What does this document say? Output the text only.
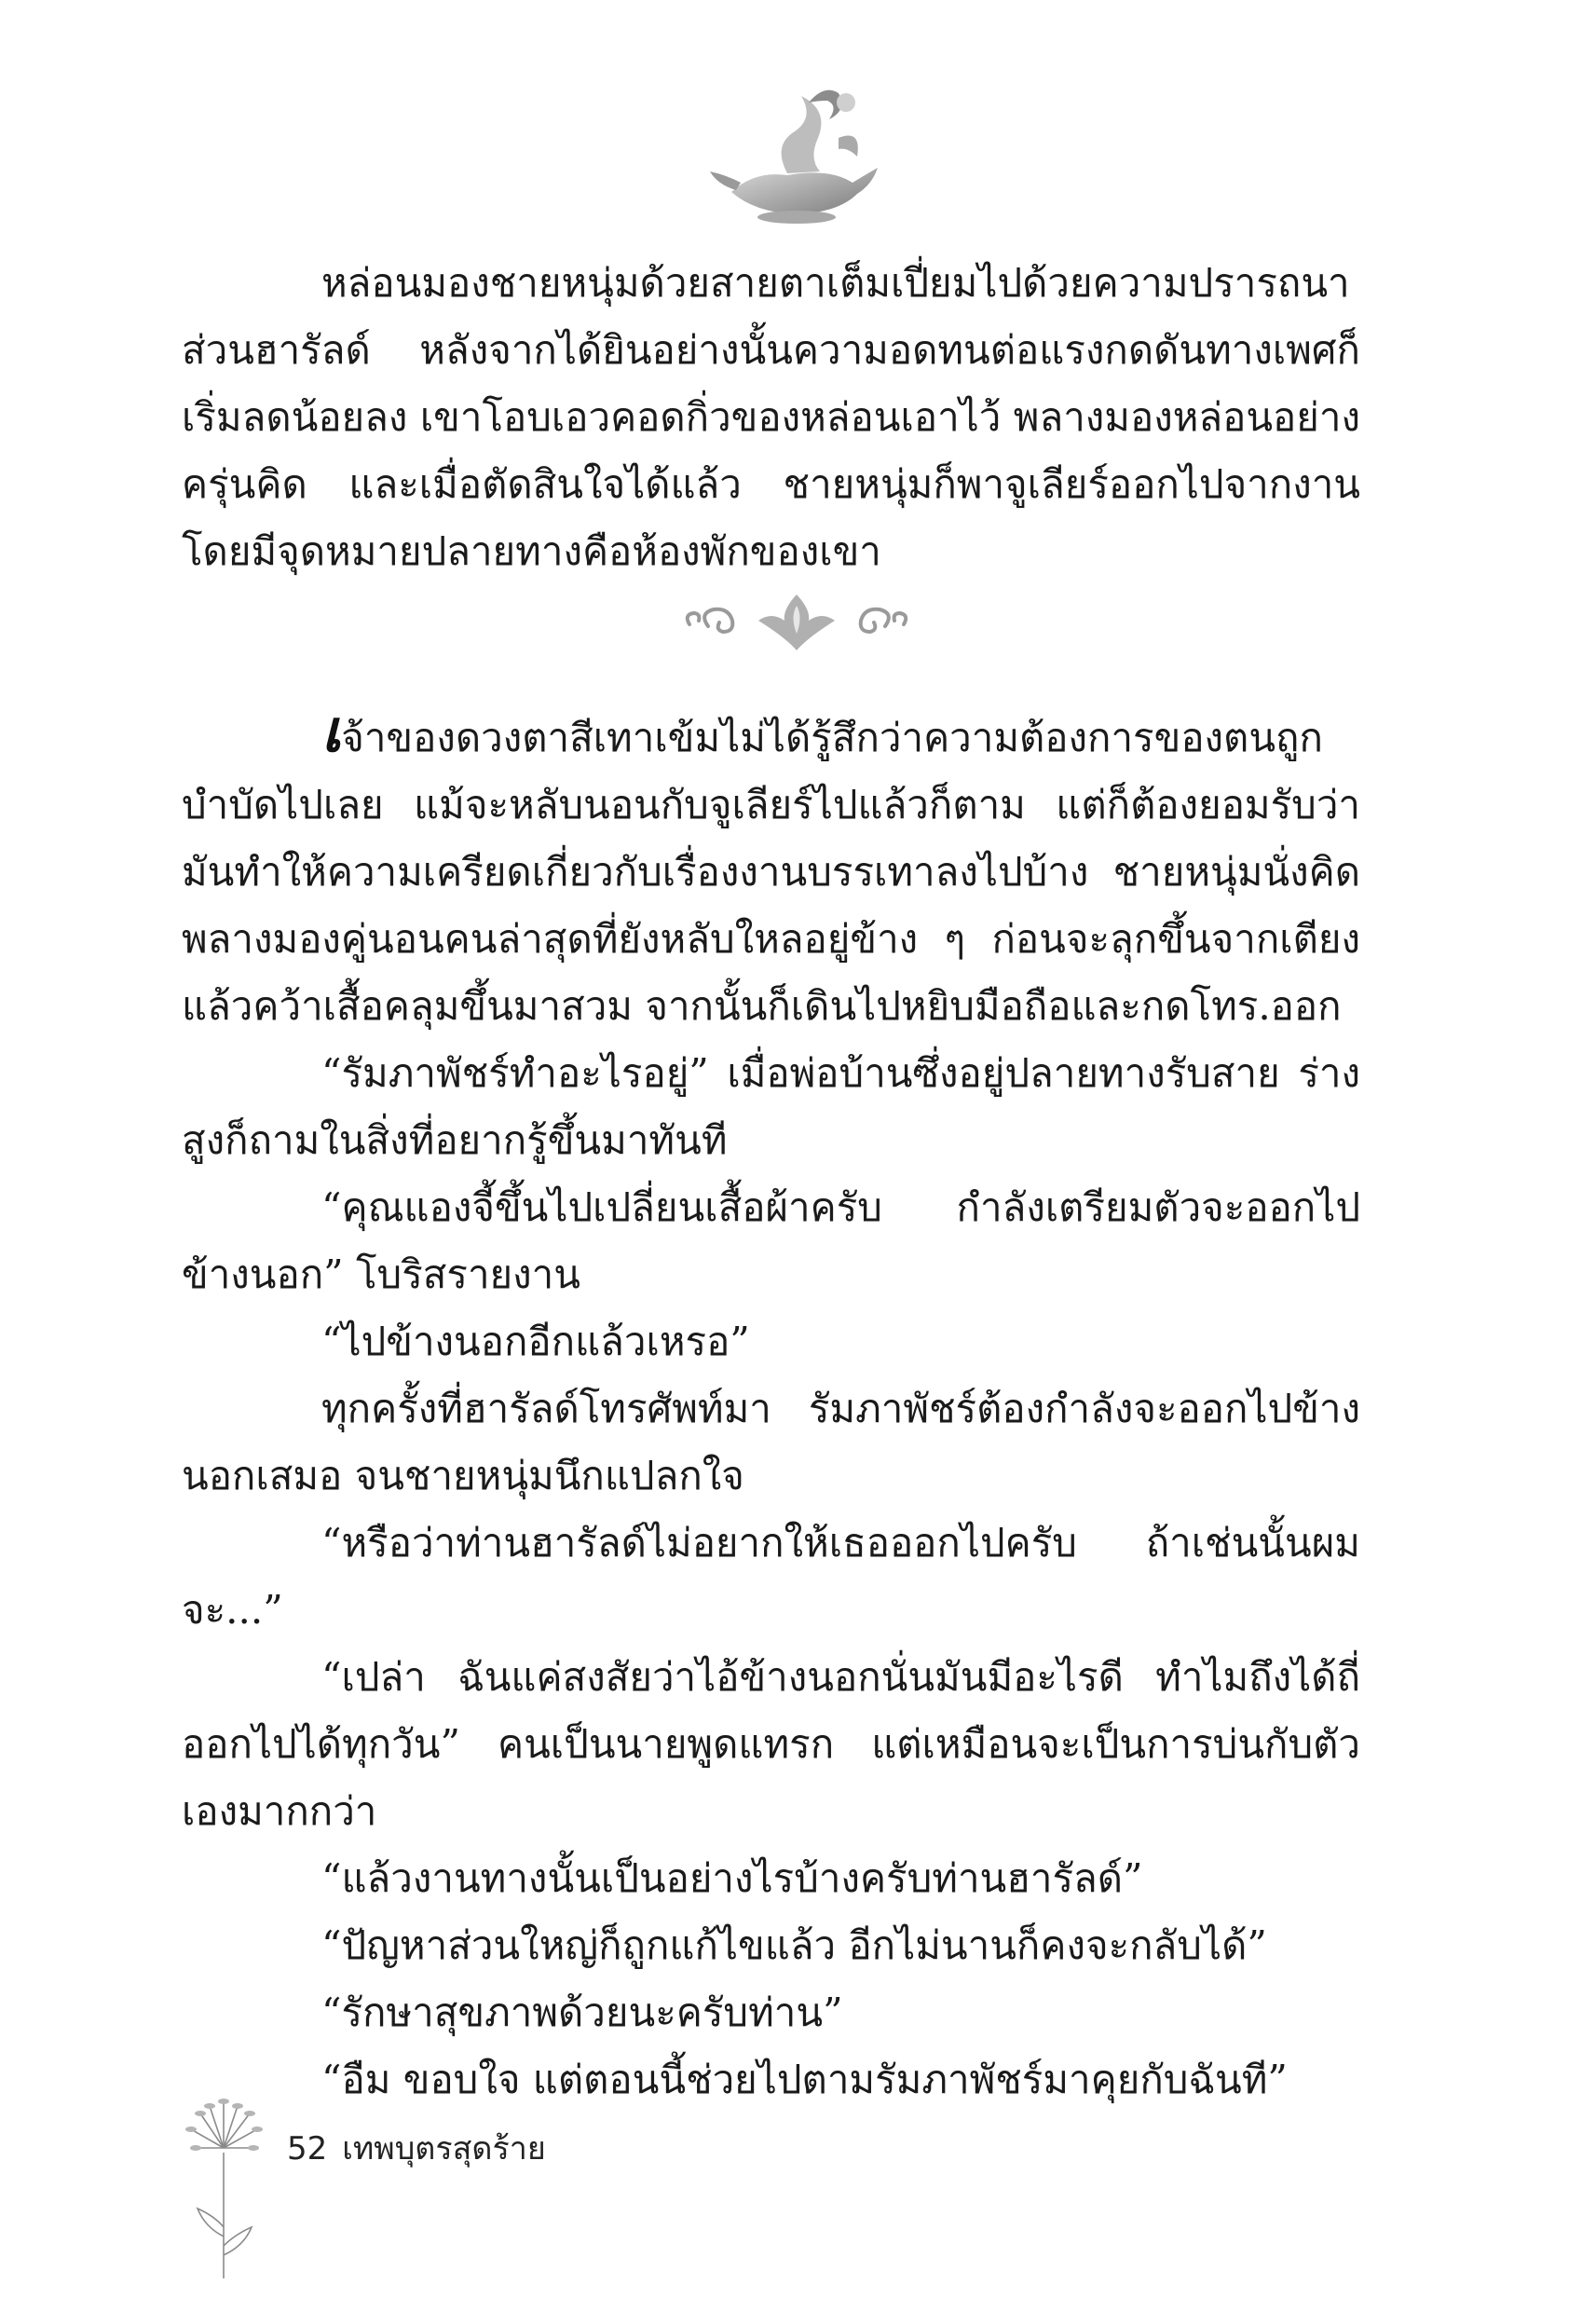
หล่อนมองชายหนุ่มด้วยสายตาเต็มเปี่ยมไปด้วยความปรารถนา ส่วนฮารัลด์ หลังจากได้ยินอย่างนั้นความอดทนต่อแรงกดดันทางเพศก็เริ่มลดน้อยลง เขาโอบเอวคอดกิ่วของหล่อนเอาไว้ พลางมองหล่อนอย่างครุ่นคิด และเมื่อตัดสินใจได้แล้ว ชายหนุ่มก็พาจูเลียร์ออกไปจากงาน โดยมีจุดหมายปลายทางคือห้องพักของเขา

เจ้าของดวงตาสีเทาเข้มไม่ได้รู้สึกว่าความต้องการของตนถูกบำบัดไปเลย แม้จะหลับนอนกับจูเลียร์ไปแล้วก็ตาม แต่ก็ต้องยอมรับว่ามันทำให้ความเครียดเกี่ยวกับเรื่องงานบรรเทาลงไปบ้าง ชายหนุ่มนั่งคิดพลางมองคู่นอนคนล่าสุดที่ยังหลับใหลอยู่ข้าง ๆ ก่อนจะลุกขึ้นจากเตียงแล้วคว้าเสื้อคลุมขึ้นมาสวม จากนั้นก็เดินไปหยิบมือถือและกดโทร.ออก

“รัมภาพัชร์ทำอะไรอยู่” เมื่อพ่อบ้านซึ่งอยู่ปลายทางรับสาย ร่างสูงก็ถามในสิ่งที่อยากรู้ขึ้นมาทันที

“คุณแองจี้ขึ้นไปเปลี่ยนเสื้อผ้าครับ กำลังเตรียมตัวจะออกไปข้างนอก” โบริสรายงาน

“ไปข้างนอกอีกแล้วเหรอ”

ทุกครั้งที่ฮารัลด์โทรศัพท์มา รัมภาพัชร์ต้องกำลังจะออกไปข้างนอกเสมอ จนชายหนุ่มนึกแปลกใจ

“หรือว่าท่านฮารัลด์ไม่อยากให้เธอออกไปครับ ถ้าเช่นนั้นผมจะ...”

“เปล่า ฉันแค่สงสัยว่าไอ้ข้างนอกนั่นมันมีอะไรดี ทำไมถึงได้ถี่ออกไปได้ทุกวัน” คนเป็นนายพูดแทรก แต่เหมือนจะเป็นการบ่นกับตัวเองมากกว่า

“แล้วงานทางนั้นเป็นอย่างไรบ้างครับท่านฮารัลด์”

“ปัญหาส่วนใหญ่ก็ถูกแก้ไขแล้ว อีกไม่นานก็คงจะกลับได้”

“รักษาสุขภาพด้วยนะครับท่าน”

“อืม ขอบใจ แต่ตอนนี้ช่วยไปตามรัมภาพัชร์มาคุยกับฉันที”

52 เทพบุตรสุดร้าย
